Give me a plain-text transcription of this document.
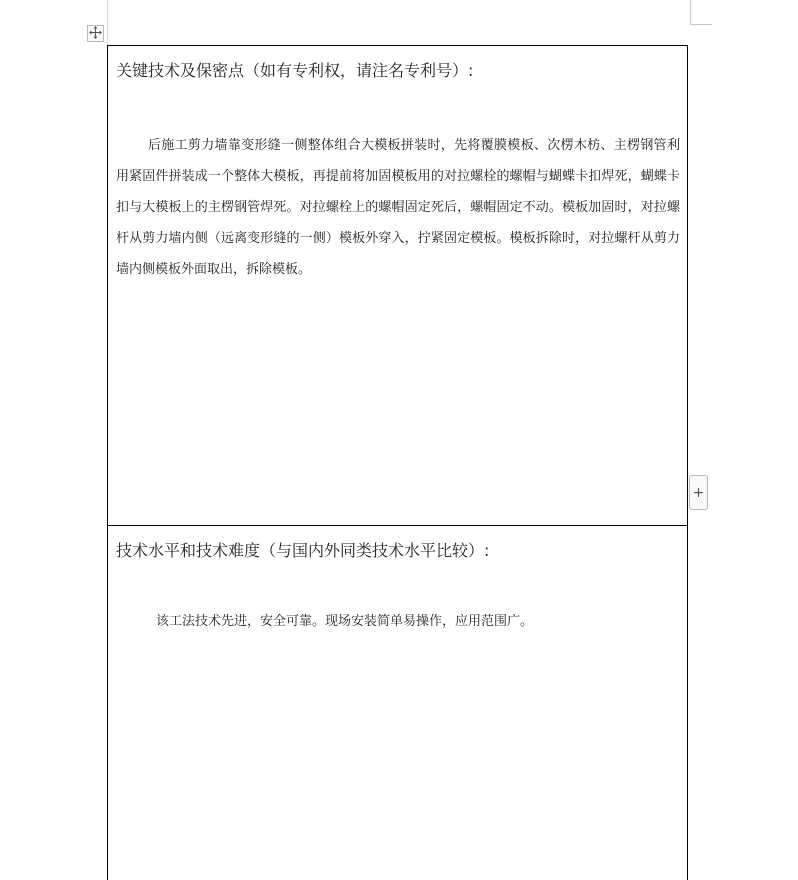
关键技术及保密点（如有专利权，请注名专利号）:
后施工剪力墙靠变形缝一侧整体组合大模板拼装时，先将覆膜模板、次楞木枋、主楞钢管利用紧固件拼装成一个整体大模板，再提前将加固模板用的对拉螺栓的螺帽与蝴蝶卡扣焊死，蝴蝶卡扣与大模板上的主楞钢管焊死。对拉螺栓上的螺帽固定死后，螺帽固定不动。模板加固时，对拉螺杆从剪力墙内侧（远离变形缝的一侧）模板外穿入，拧紧固定模板。模板拆除时，对拉螺杆从剪力墙内侧模板外面取出，拆除模板。
技术水平和技术难度（与国内外同类技术水平比较）:
该工法技术先进，安全可靠。现场安装简单易操作，应用范围广。
+
